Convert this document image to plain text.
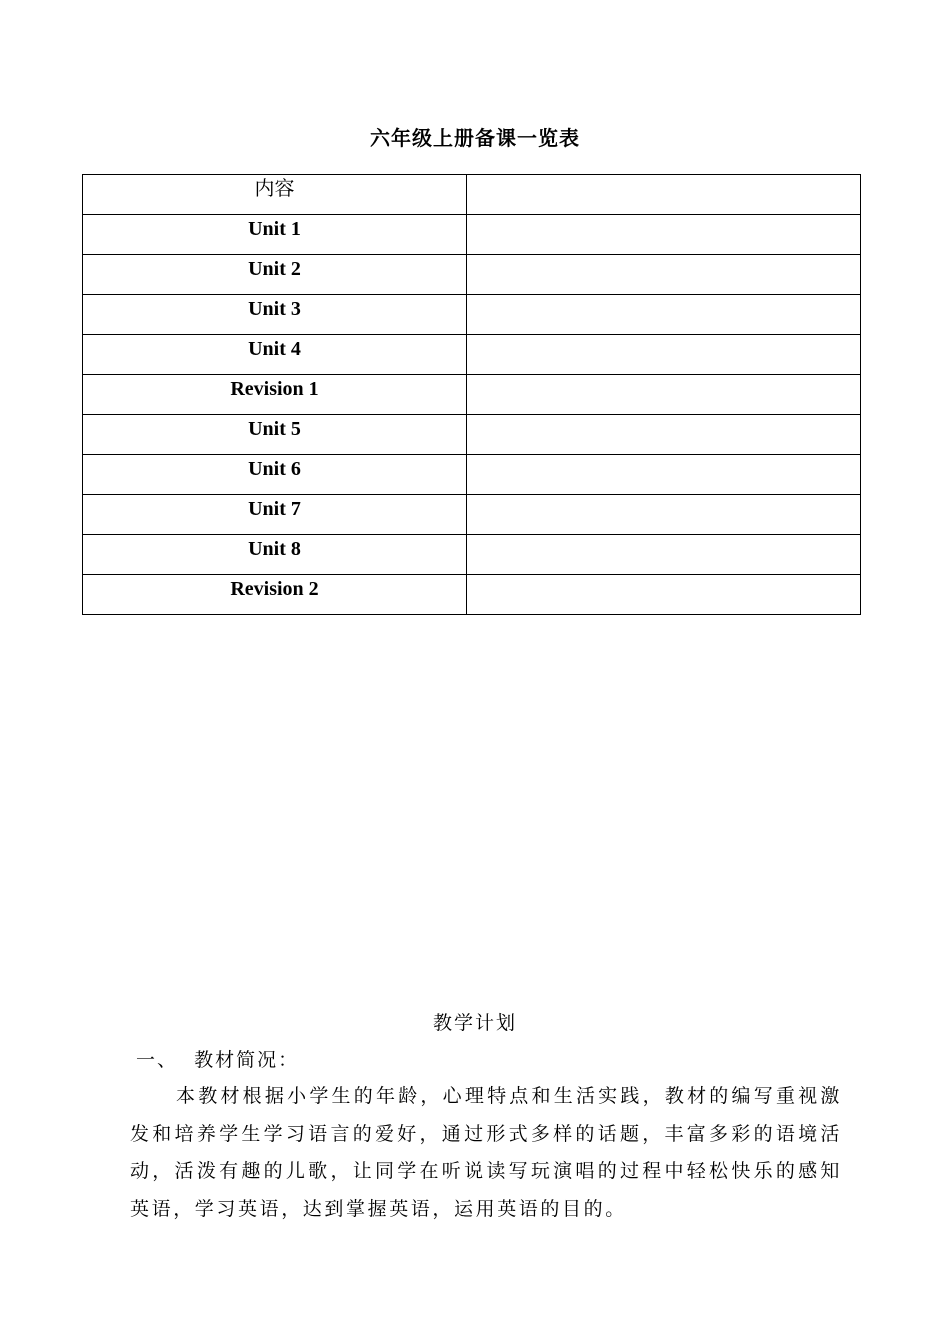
六年级上册备课一览表
内容	
Unit 1	
Unit 2	
Unit 3	
Unit 4	
Revision 1	
Unit 5	
Unit 6	
Unit 7	
Unit 8	
Revision 2	
教学计划
一、  教材简况：

本教材根据小学生的年龄，心理特点和生活实践，教材的编写重视激发和培养学生学习语言的爱好，通过形式多样的话题，丰富多彩的语境活动，活泼有趣的儿歌，让同学在听说读写玩演唱的过程中轻松快乐的感知英语，学习英语，达到掌握英语，运用英语的目的。
